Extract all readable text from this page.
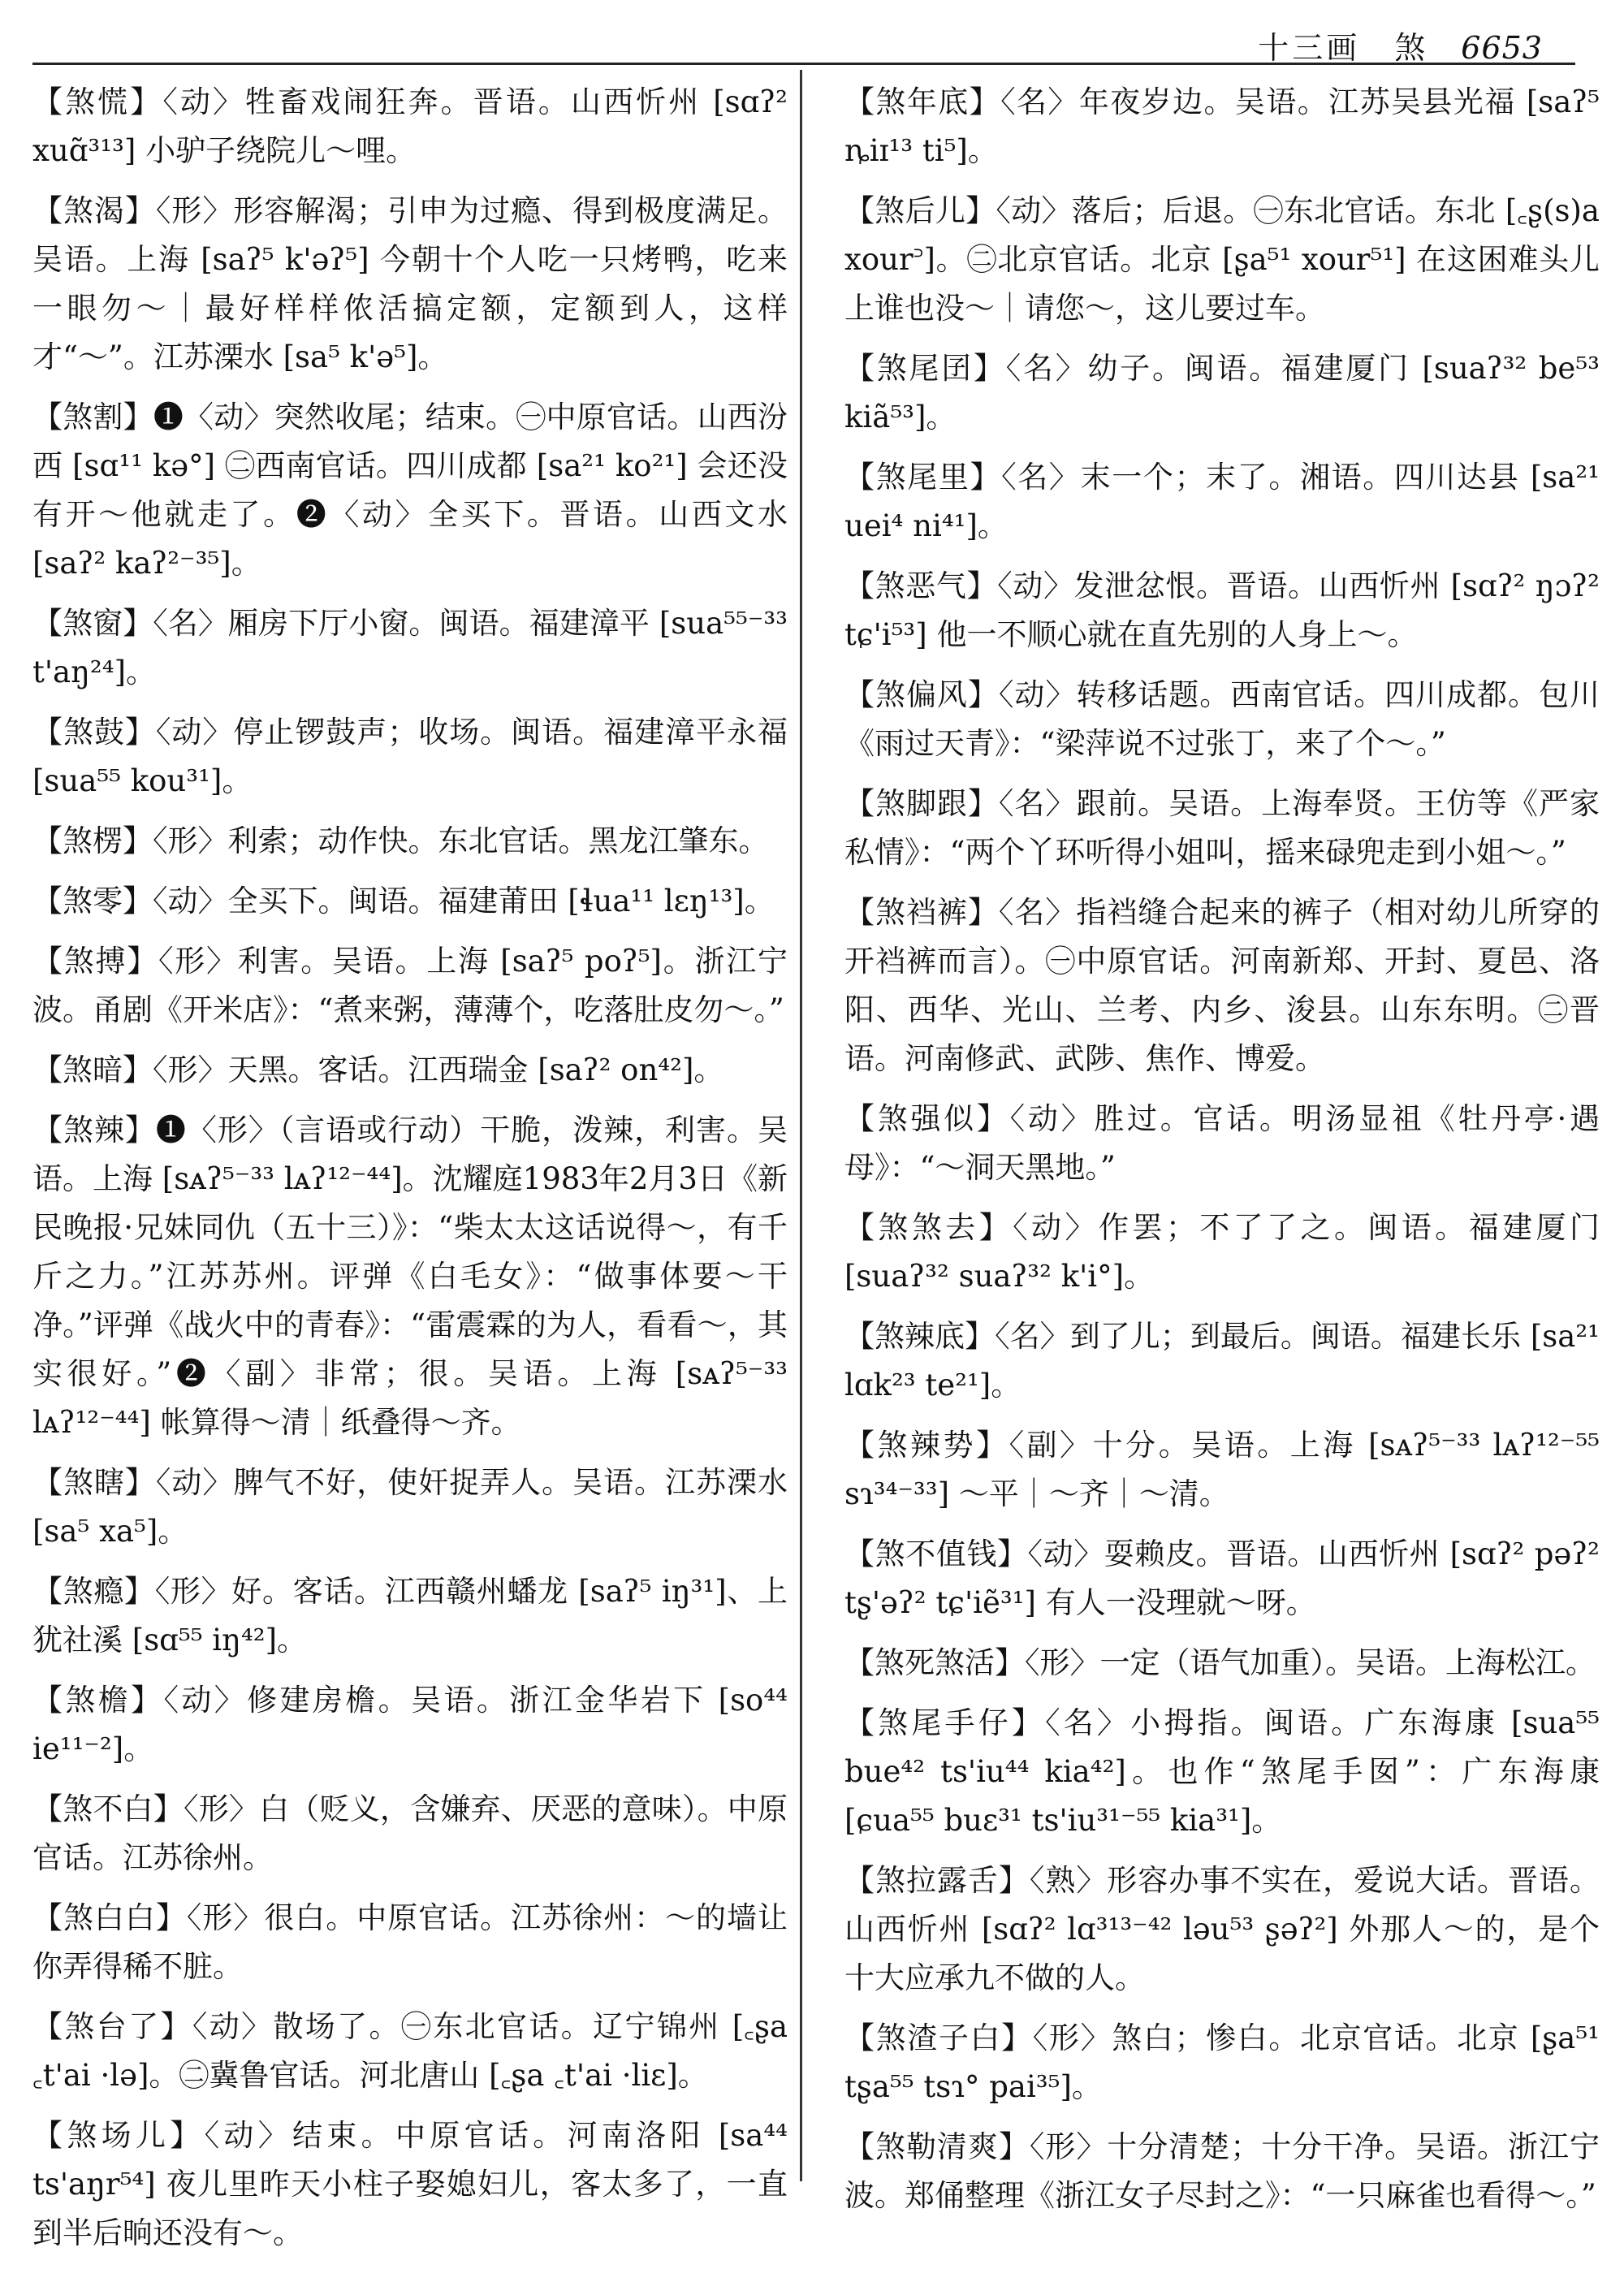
十三画　煞 6653
【煞慌】〈动〉牲畜戏闹狂奔。晋语。山西忻州 [sɑʔ² xuɑ̃³¹³] 小驴子绕院儿～哩。
【煞渴】〈形〉形容解渴；引申为过瘾、得到极度满足。吴语。上海 [saʔ⁵ k'əʔ⁵] 今朝十个人吃一只烤鸭，吃来一眼勿～｜最好样样侬活搞定额，定额到人，这样才“～”。江苏溧水 [sa⁵ k'ə⁵]。
【煞割】❶〈动〉突然收尾；结束。㊀中原官话。山西汾西 [sɑ¹¹ kə°] ㊁西南官话。四川成都 [sa²¹ ko²¹] 会还没有开～他就走了。❷〈动〉全买下。晋语。山西文水 [saʔ² kaʔ²⁻³⁵]。
【煞窗】〈名〉厢房下厅小窗。闽语。福建漳平 [sua⁵⁵⁻³³ t'aŋ²⁴]。
【煞鼓】〈动〉停止锣鼓声；收场。闽语。福建漳平永福 [sua⁵⁵ kou³¹]。
【煞楞】〈形〉利索；动作快。东北官话。黑龙江肇东。
【煞零】〈动〉全买下。闽语。福建莆田 [ɬua¹¹ lɛŋ¹³]。
【煞搏】〈形〉利害。吴语。上海 [saʔ⁵ poʔ⁵]。浙江宁波。甬剧《开米店》：“煮来粥，薄薄个，吃落肚皮勿～。”
【煞暗】〈形〉天黑。客话。江西瑞金 [saʔ² on⁴²]。
【煞辣】❶〈形〉（言语或行动）干脆，泼辣，利害。吴语。上海 [sᴀʔ⁵⁻³³ lᴀʔ¹²⁻⁴⁴]。沈耀庭1983年2月3日《新民晚报·兄妹同仇（五十三）》：“柴太太这话说得～，有千斤之力。”江苏苏州。评弹《白毛女》：“做事体要～干净。”评弹《战火中的青春》：“雷震霖的为人，看看～，其实很好。”❷〈副〉非常；很。吴语。上海 [sᴀʔ⁵⁻³³ lᴀʔ¹²⁻⁴⁴] 帐算得～清｜纸叠得～齐。
【煞瞎】〈动〉脾气不好，使奸捉弄人。吴语。江苏溧水 [sa⁵ xa⁵]。
【煞瘾】〈形〉好。客话。江西赣州蟠龙 [saʔ⁵ iŋ³¹]、上犹社溪 [sɑ⁵⁵ iŋ⁴²]。
【煞檐】〈动〉修建房檐。吴语。浙江金华岩下 [so⁴⁴ ie¹¹⁻²]。
【煞不白】〈形〉白（贬义，含嫌弃、厌恶的意味）。中原官话。江苏徐州。
【煞白白】〈形〉很白。中原官话。江苏徐州：～的墙让你弄得稀不脏。
【煞台了】〈动〉散场了。㊀东北官话。辽宁锦州 [꜀ʂa ꜀t'ai ·lə]。㊁冀鲁官话。河北唐山 [꜀ʂa ꜀t'ai ·liɛ]。
【煞场儿】〈动〉结束。中原官话。河南洛阳 [sa⁴⁴ ts'aŋr⁵⁴] 夜儿里昨天小柱子娶媳妇儿，客太多了，一直到半后晌还没有～。
【煞年底】〈名〉年夜岁边。吴语。江苏吴县光福 [saʔ⁵ ȵiɪ¹³ ti⁵]。
【煞后儿】〈动〉落后；后退。㊀东北官话。东北 [꜀ʂ(s)a xour꜄]。㊁北京官话。北京 [ʂa⁵¹ xour⁵¹] 在这困难头儿上谁也没～｜请您～，这儿要过车。
【煞尾囝】〈名〉幼子。闽语。福建厦门 [suaʔ³² be⁵³ kiã⁵³]。
【煞尾里】〈名〉末一个；末了。湘语。四川达县 [sa²¹ uei⁴ ni⁴¹]。
【煞恶气】〈动〉发泄忿恨。晋语。山西忻州 [sɑʔ² ŋɔʔ² tɕ'i⁵³] 他一不顺心就在直先别的人身上～。
【煞偏风】〈动〉转移话题。西南官话。四川成都。包川《雨过天青》：“梁萍说不过张丁，来了个～。”
【煞脚跟】〈名〉跟前。吴语。上海奉贤。王仿等《严家私情》：“两个丫环听得小姐叫，摇来碌兜走到小姐～。”
【煞裆裤】〈名〉指裆缝合起来的裤子（相对幼儿所穿的开裆裤而言）。㊀中原官话。河南新郑、开封、夏邑、洛阳、西华、光山、兰考、内乡、浚县。山东东明。㊁晋语。河南修武、武陟、焦作、博爱。
【煞强似】〈动〉胜过。官话。明汤显祖《牡丹亭·遇母》：“～洞天黑地。”
【煞煞去】〈动〉作罢；不了了之。闽语。福建厦门 [suaʔ³² suaʔ³² k'i°]。
【煞辣底】〈名〉到了儿；到最后。闽语。福建长乐 [sa²¹ lɑk²³ te²¹]。
【煞辣势】〈副〉十分。吴语。上海 [sᴀʔ⁵⁻³³ lᴀʔ¹²⁻⁵⁵ sɿ³⁴⁻³³] ～平｜～齐｜～清。
【煞不值钱】〈动〉耍赖皮。晋语。山西忻州 [sɑʔ² pəʔ² tʂ'əʔ² tɕ'iẽ³¹] 有人一没理就～呀。
【煞死煞活】〈形〉一定（语气加重）。吴语。上海松江。
【煞尾手仔】〈名〉小拇指。闽语。广东海康 [sua⁵⁵ bue⁴² ts'iu⁴⁴ kia⁴²]。也作“煞尾手囡”：广东海康 [ɕua⁵⁵ buɛ³¹ ts'iu³¹⁻⁵⁵ kia³¹]。
【煞拉露舌】〈熟〉形容办事不实在，爱说大话。晋语。山西忻州 [sɑʔ² lɑ³¹³⁻⁴² ləu⁵³ ʂəʔ²] 外那人～的，是个十大应承九不做的人。
【煞渣子白】〈形〉煞白；惨白。北京官话。北京 [ʂa⁵¹ tʂa⁵⁵ tsɿ° pai³⁵]。
【煞勒清爽】〈形〉十分清楚；十分干净。吴语。浙江宁波。郑俑整理《浙江女子尽封之》：“一只麻雀也看得～。”
